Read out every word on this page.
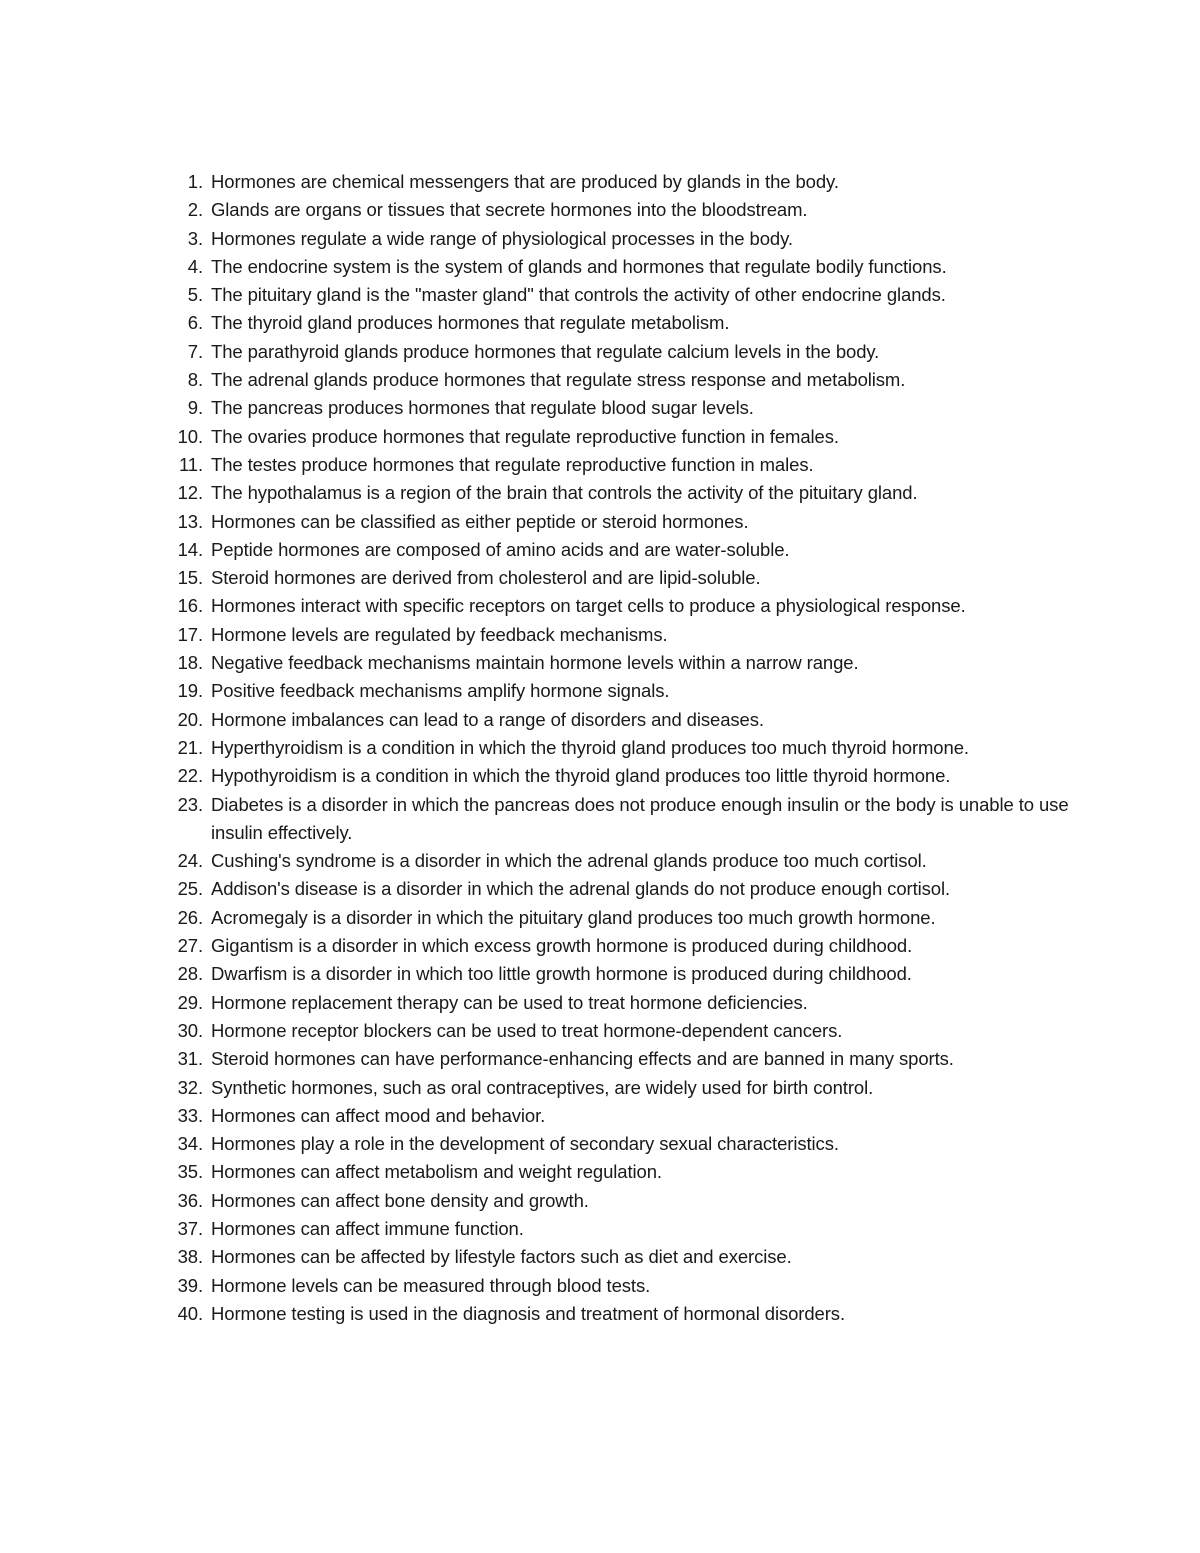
1. Hormones are chemical messengers that are produced by glands in the body.
2. Glands are organs or tissues that secrete hormones into the bloodstream.
3. Hormones regulate a wide range of physiological processes in the body.
4. The endocrine system is the system of glands and hormones that regulate bodily functions.
5. The pituitary gland is the "master gland" that controls the activity of other endocrine glands.
6. The thyroid gland produces hormones that regulate metabolism.
7. The parathyroid glands produce hormones that regulate calcium levels in the body.
8. The adrenal glands produce hormones that regulate stress response and metabolism.
9. The pancreas produces hormones that regulate blood sugar levels.
10. The ovaries produce hormones that regulate reproductive function in females.
11. The testes produce hormones that regulate reproductive function in males.
12. The hypothalamus is a region of the brain that controls the activity of the pituitary gland.
13. Hormones can be classified as either peptide or steroid hormones.
14. Peptide hormones are composed of amino acids and are water-soluble.
15. Steroid hormones are derived from cholesterol and are lipid-soluble.
16. Hormones interact with specific receptors on target cells to produce a physiological response.
17. Hormone levels are regulated by feedback mechanisms.
18. Negative feedback mechanisms maintain hormone levels within a narrow range.
19. Positive feedback mechanisms amplify hormone signals.
20. Hormone imbalances can lead to a range of disorders and diseases.
21. Hyperthyroidism is a condition in which the thyroid gland produces too much thyroid hormone.
22. Hypothyroidism is a condition in which the thyroid gland produces too little thyroid hormone.
23. Diabetes is a disorder in which the pancreas does not produce enough insulin or the body is unable to use insulin effectively.
24. Cushing's syndrome is a disorder in which the adrenal glands produce too much cortisol.
25. Addison's disease is a disorder in which the adrenal glands do not produce enough cortisol.
26. Acromegaly is a disorder in which the pituitary gland produces too much growth hormone.
27. Gigantism is a disorder in which excess growth hormone is produced during childhood.
28. Dwarfism is a disorder in which too little growth hormone is produced during childhood.
29. Hormone replacement therapy can be used to treat hormone deficiencies.
30. Hormone receptor blockers can be used to treat hormone-dependent cancers.
31. Steroid hormones can have performance-enhancing effects and are banned in many sports.
32. Synthetic hormones, such as oral contraceptives, are widely used for birth control.
33. Hormones can affect mood and behavior.
34. Hormones play a role in the development of secondary sexual characteristics.
35. Hormones can affect metabolism and weight regulation.
36. Hormones can affect bone density and growth.
37. Hormones can affect immune function.
38. Hormones can be affected by lifestyle factors such as diet and exercise.
39. Hormone levels can be measured through blood tests.
40. Hormone testing is used in the diagnosis and treatment of hormonal disorders.
